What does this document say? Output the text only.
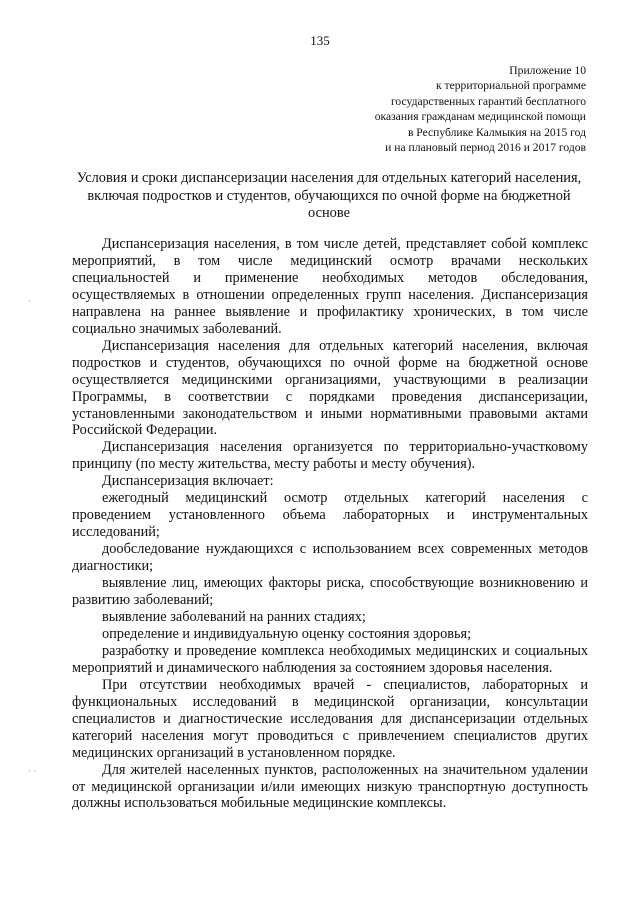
135
Приложение 10
к территориальной программе
государственных гарантий бесплатного
оказания гражданам медицинской помощи
в Республике Калмыкия на 2015 год
и на плановый период 2016 и 2017 годов
Условия и сроки диспансеризации населения для отдельных категорий населения, включая подростков и студентов, обучающихся по очной форме на бюджетной основе

Диспансеризация населения, в том числе детей, представляет собой комплекс мероприятий, в том числе медицинский осмотр врачами нескольких специальностей и применение необходимых методов обследования, осуществляемых в отношении определенных групп населения. Диспансеризация направлена на раннее выявление и профилактику хронических, в том числе социально значимых заболеваний.

Диспансеризация населения для отдельных категорий населения, включая подростков и студентов, обучающихся по очной форме на бюджетной основе осуществляется медицинскими организациями, участвующими в реализации Программы, в соответствии с порядками проведения диспансеризации, установленными законодательством и иными нормативными правовыми актами Российской Федерации.

Диспансеризация населения организуется по территориально-участковому принципу (по месту жительства, месту работы и месту обучения).

Диспансеризация включает:

ежегодный медицинский осмотр отдельных категорий населения с проведением установленного объема лабораторных и инструментальных исследований;

дообследование нуждающихся с использованием всех современных методов диагностики;

выявление лиц, имеющих факторы риска, способствующие возникновению и развитию заболеваний;

выявление заболеваний на ранних стадиях;

определение и индивидуальную оценку состояния здоровья;

разработку и проведение комплекса необходимых медицинских и социальных мероприятий и динамического наблюдения за состоянием здоровья населения.

При отсутствии необходимых врачей - специалистов, лабораторных и функциональных исследований в медицинской организации, консультации специалистов и диагностические исследования для диспансеризации отдельных категорий населения могут проводиться с привлечением специалистов других медицинских организаций в установленном порядке.

Для жителей населенных пунктов, расположенных на значительном удалении от медицинской организации и/или имеющих низкую транспортную доступность должны использоваться мобильные медицинские комплексы.

·
· ·
